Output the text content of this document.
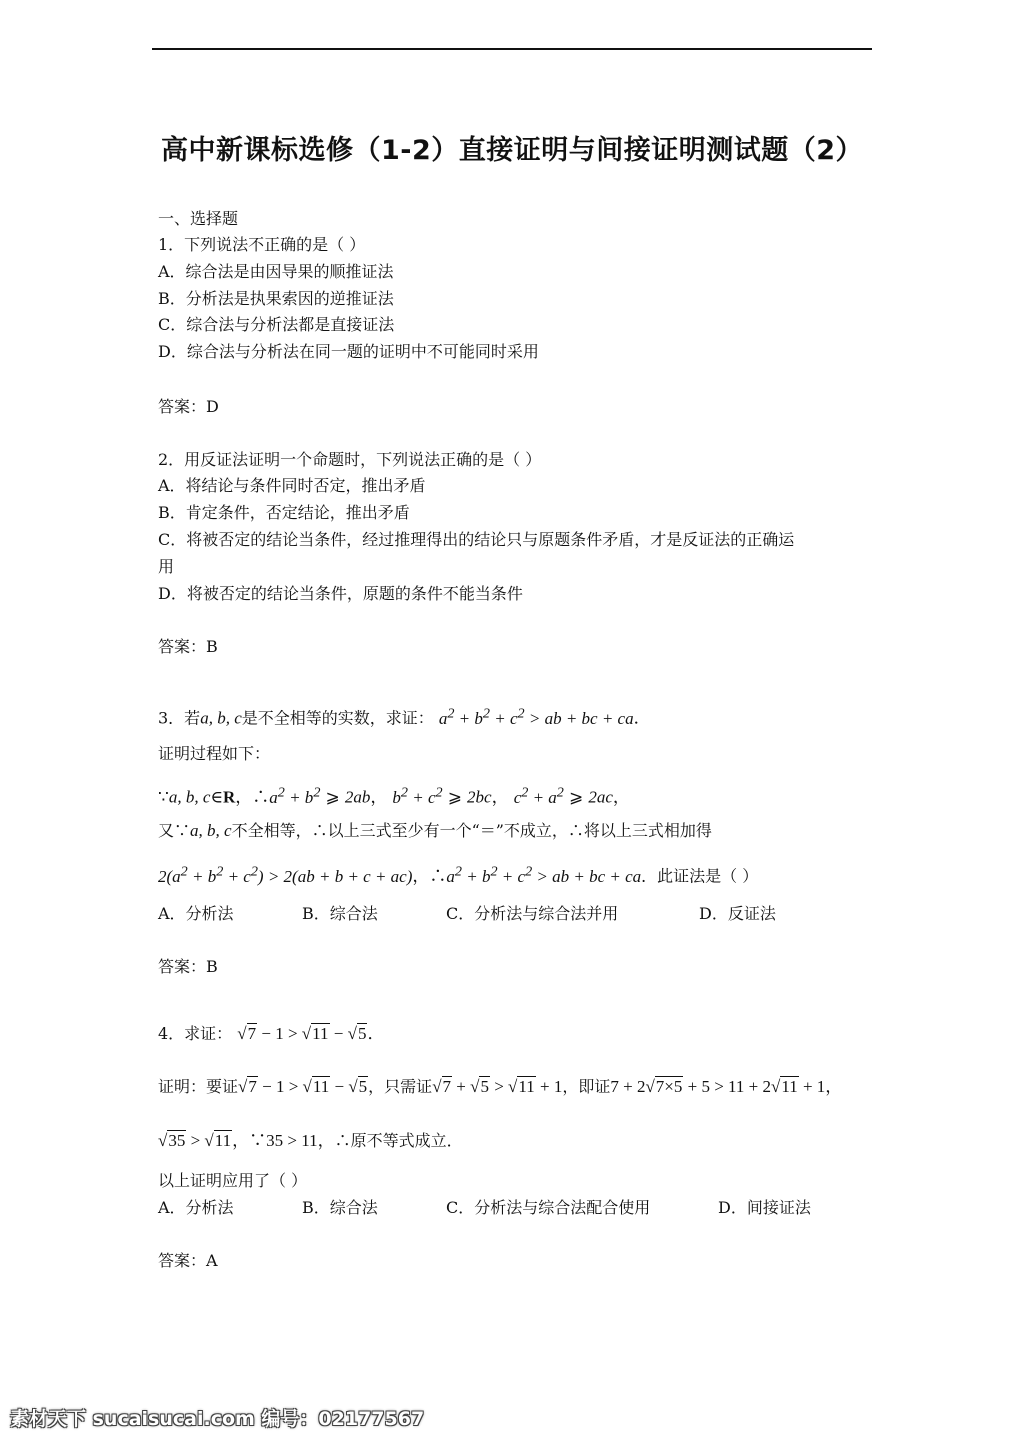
高中新课标选修（1-2）直接证明与间接证明测试题（2）
一、选择题
1．下列说法不正确的是（ ）
A．综合法是由因导果的顺推证法
B．分析法是执果索因的逆推证法
C．综合法与分析法都是直接证法
D．综合法与分析法在同一题的证明中不可能同时采用
答案：D
2．用反证法证明一个命题时，下列说法正确的是（ ）
A．将结论与条件同时否定，推出矛盾
B．肯定条件，否定结论，推出矛盾
C．将被否定的结论当条件，经过推理得出的结论只与原题条件矛盾，才是反证法的正确运
用
D．将被否定的结论当条件，原题的条件不能当条件
答案：B
3．若a, b, c是不全相等的实数，求证： $a^2 + b^2 + c^2$ > ab + bc + ca．
证明过程如下：
∵a, b, c∈R，$\therefore a^2 + b^2$ ⩾ 2ab， $b^2 + c^2$ ⩾ 2bc， $c^2 + a^2$ ⩾ 2ac，
又∵a, b, c不全相等，∴以上三式至少有一个“＝”不成立，∴将以上三式相加得
$2(a^2 + b^2 + c^2) > 2(ab + b + c + ac)$，$\therefore a^2 + b^2 + c^2$ > ab + bc + ca．此证法是（ ）
A．分析法	B．综合法	C．分析法与综合法并用	D．反证法
答案：B
4．求证： √7 − 1 > √11 − √5．
证明：要证√7 − 1 > √11 − √5，只需证√7 + √5 > √11 + 1，即证7 + 2√7×5 + 5 > 11 + 2√11 + 1，
√35 > √11，∵35 > 11，∴原不等式成立．
以上证明应用了（ ）
A．分析法	B．综合法	C．分析法与综合法配合使用	D．间接证法
答案：A
素材天下 sucaisucai.com 编号：02177567
